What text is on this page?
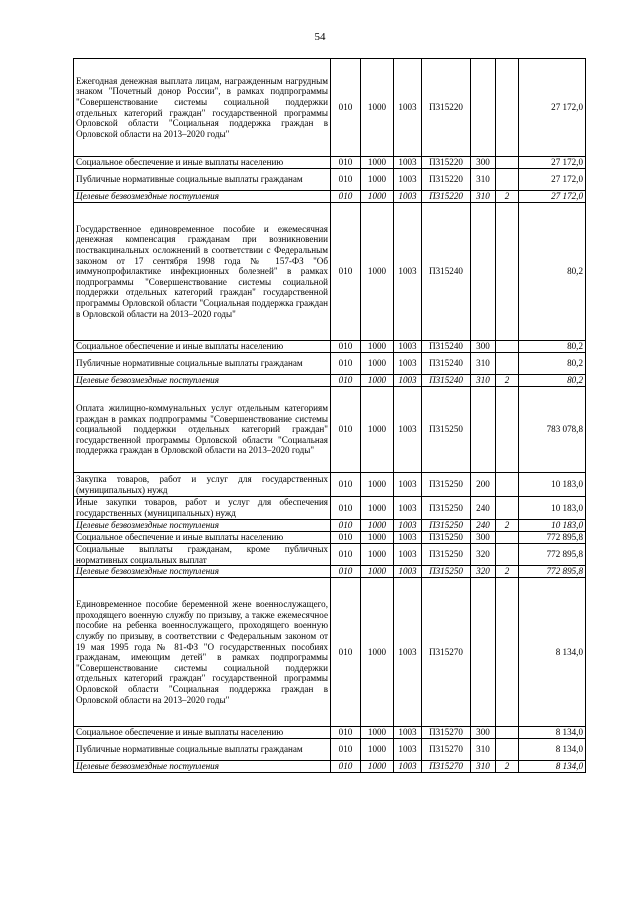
54
Ежегодная денежная выплата лицам, награжденным нагрудным знаком "Почетный донор России", в рамках подпрограммы "Совершенствование системы социальной поддержки отдельных категорий граждан" государственной программы Орловской области "Социальная поддержка граждан в Орловской области на 2013–2020 годы"	010	1000	1003	П315220			27 172,0
Социальное обеспечение и иные выплаты населению	010	1000	1003	П315220	300		27 172,0
Публичные нормативные социальные выплаты гражданам	010	1000	1003	П315220	310		27 172,0
Целевые безвозмездные поступления	010	1000	1003	П315220	310	2	27 172,0
Государственное единовременное пособие и ежемесячная денежная компенсация гражданам при возникновении поствакцинальных осложнений в соответствии с Федеральным законом от 17 сентября 1998 года № 157-ФЗ "Об иммунопрофилактике инфекционных болезней" в рамках подпрограммы "Совершенствование системы социальной поддержки отдельных категорий граждан" государственной программы Орловской области "Социальная поддержка граждан в Орловской области на 2013–2020 годы"	010	1000	1003	П315240			80,2
Социальное обеспечение и иные выплаты населению	010	1000	1003	П315240	300		80,2
Публичные нормативные социальные выплаты гражданам	010	1000	1003	П315240	310		80,2
Целевые безвозмездные поступления	010	1000	1003	П315240	310	2	80,2
Оплата жилищно-коммунальных услуг отдельным категориям граждан в рамках подпрограммы "Совершенствование системы социальной поддержки отдельных категорий граждан" государственной программы Орловской области "Социальная поддержка граждан в Орловской области на 2013–2020 годы"	010	1000	1003	П315250			783 078,8
Закупка товаров, работ и услуг для государственных (муниципальных) нужд	010	1000	1003	П315250	200		10 183,0
Иные закупки товаров, работ и услуг для обеспечения государственных (муниципальных) нужд	010	1000	1003	П315250	240		10 183,0
Целевые безвозмездные поступления	010	1000	1003	П315250	240	2	10 183,0
Социальное обеспечение и иные выплаты населению	010	1000	1003	П315250	300		772 895,8
Социальные выплаты гражданам, кроме публичных нормативных социальных выплат	010	1000	1003	П315250	320		772 895,8
Целевые безвозмездные поступления	010	1000	1003	П315250	320	2	772 895,8
Единовременное пособие беременной жене военнослужащего, проходящего военную службу по призыву, а также ежемесячное пособие на ребенка военнослужащего, проходящего военную службу по призыву, в соответствии с Федеральным законом от 19 мая 1995 года № 81-ФЗ "О государственных пособиях гражданам, имеющим детей" в рамках подпрограммы "Совершенствование системы социальной поддержки отдельных категорий граждан" государственной программы Орловской области "Социальная поддержка граждан в Орловской области на 2013–2020 годы"	010	1000	1003	П315270			8 134,0
Социальное обеспечение и иные выплаты населению	010	1000	1003	П315270	300		8 134,0
Публичные нормативные социальные выплаты гражданам	010	1000	1003	П315270	310		8 134,0
Целевые безвозмездные поступления	010	1000	1003	П315270	310	2	8 134,0
